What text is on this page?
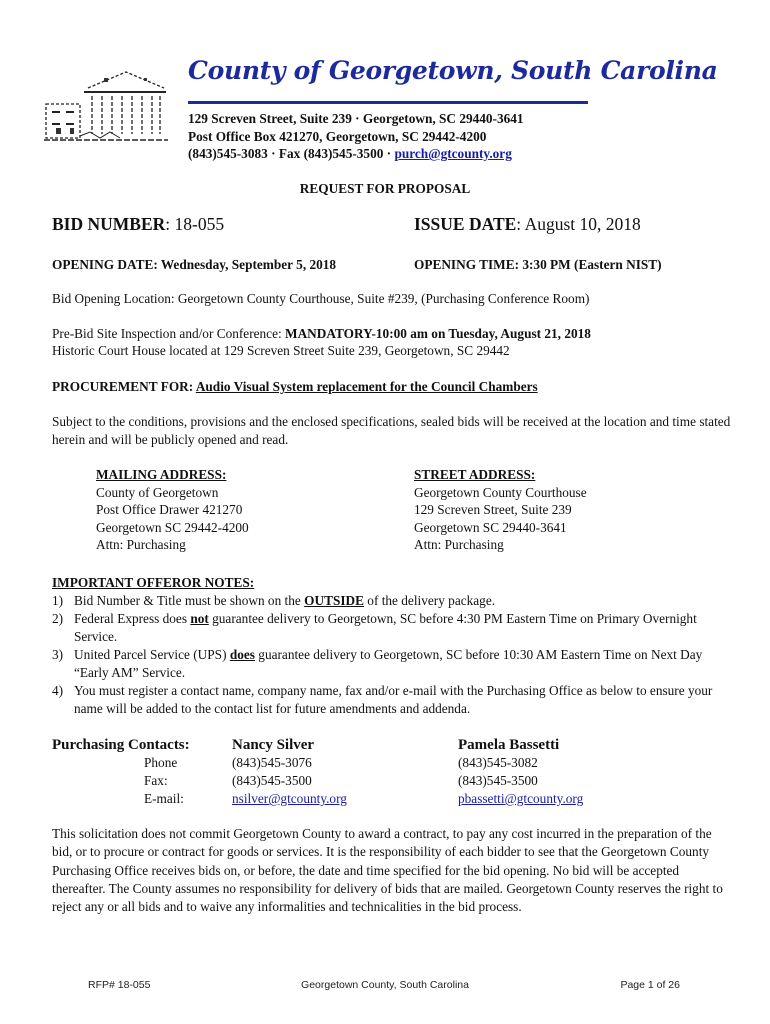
County of Georgetown, South Carolina
129 Screven Street, Suite 239 · Georgetown, SC 29440-3641
Post Office Box 421270, Georgetown, SC 29442-4200
(843)545-3083 · Fax (843)545-3500 · purch@gtcounty.org
REQUEST FOR PROPOSAL
BID NUMBER: 18-055	ISSUE DATE: August 10, 2018
OPENING DATE: Wednesday, September 5, 2018	OPENING TIME: 3:30 PM (Eastern NIST)
Bid Opening Location: Georgetown County Courthouse, Suite #239, (Purchasing Conference Room)
Pre-Bid Site Inspection and/or Conference: MANDATORY-10:00 am on Tuesday, August 21, 2018
Historic Court House located at 129 Screven Street Suite 239, Georgetown, SC 29442
PROCUREMENT FOR: Audio Visual System replacement for the Council Chambers
Subject to the conditions, provisions and the enclosed specifications, sealed bids will be received at the location and time stated herein and will be publicly opened and read.
MAILING ADDRESS:
County of Georgetown
Post Office Drawer 421270
Georgetown SC 29442-4200
Attn: Purchasing
STREET ADDRESS:
Georgetown County Courthouse
129 Screven Street, Suite 239
Georgetown SC 29440-3641
Attn: Purchasing
IMPORTANT OFFEROR NOTES:
1) Bid Number & Title must be shown on the OUTSIDE of the delivery package.
2) Federal Express does not guarantee delivery to Georgetown, SC before 4:30 PM Eastern Time on Primary Overnight Service.
3) United Parcel Service (UPS) does guarantee delivery to Georgetown, SC before 10:30 AM Eastern Time on Next Day “Early AM” Service.
4) You must register a contact name, company name, fax and/or e-mail with the Purchasing Office as below to ensure your name will be added to the contact list for future amendments and addenda.
Purchasing Contacts:	Nancy Silver	Pamela Bassetti
Phone	(843)545-3076	(843)545-3082
Fax:	(843)545-3500	(843)545-3500
E-mail:	nsilver@gtcounty.org	pbassetti@gtcounty.org
This solicitation does not commit Georgetown County to award a contract, to pay any cost incurred in the preparation of the bid, or to procure or contract for goods or services. It is the responsibility of each bidder to see that the Georgetown County Purchasing Office receives bids on, or before, the date and time specified for the bid opening. No bid will be accepted thereafter. The County assumes no responsibility for delivery of bids that are mailed. Georgetown County reserves the right to reject any or all bids and to waive any informalities and technicalities in the bid process.
RFP# 18-055	Georgetown County, South Carolina	Page 1 of 26
